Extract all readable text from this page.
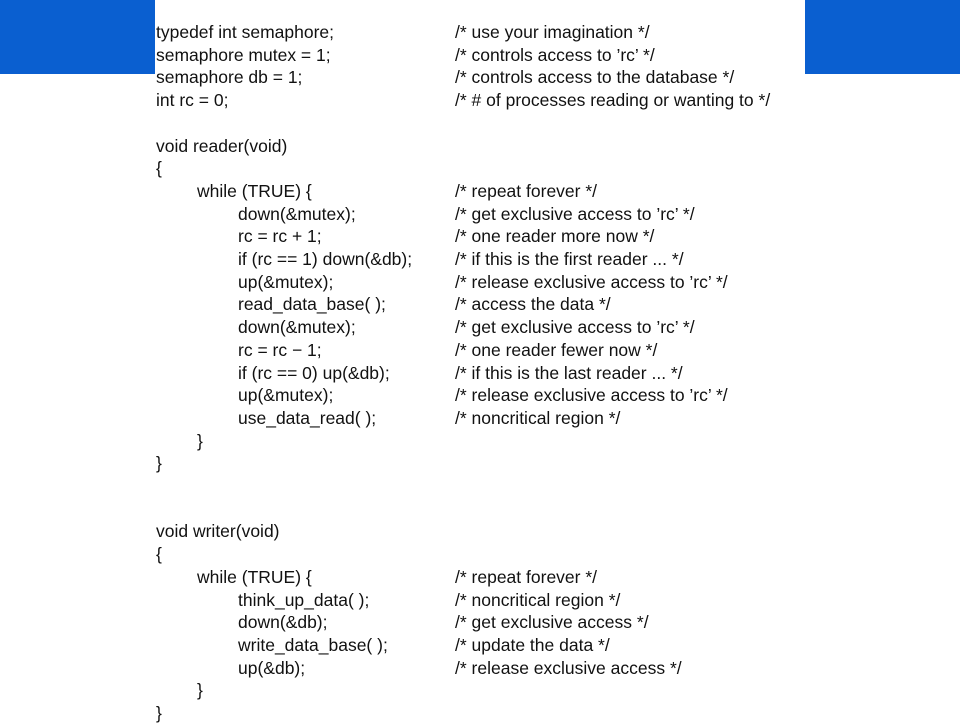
typedef int semaphore;	/* use your imagination */
semaphore mutex = 1;	/* controls access to ’rc’ */
semaphore db = 1;	/* controls access to the database */
int rc = 0;	/* # of processes reading or wanting to */
void reader(void)
{
while (TRUE) {	/* repeat forever */
down(&mutex);	/* get exclusive access to ’rc’ */
rc = rc + 1;	/* one reader more now */
if (rc == 1) down(&db); /* if this is the first reader ... */
up(&mutex);	/* release exclusive access to ’rc’ */
read_data_base( );	/* access the data */
down(&mutex);	/* get exclusive access to ’rc’ */
rc = rc − 1;	/* one reader fewer now */
if (rc == 0) up(&db);	/* if this is the last reader ... */
up(&mutex);	/* release exclusive access to ’rc’ */
use_data_read( );	/* noncritical region */
}
}
void writer(void)
{
while (TRUE) {	/* repeat forever */
think_up_data( );	/* noncritical region */
down(&db);	/* get exclusive access */
write_data_base( );	/* update the data */
up(&db);	/* release exclusive access */
}
}
